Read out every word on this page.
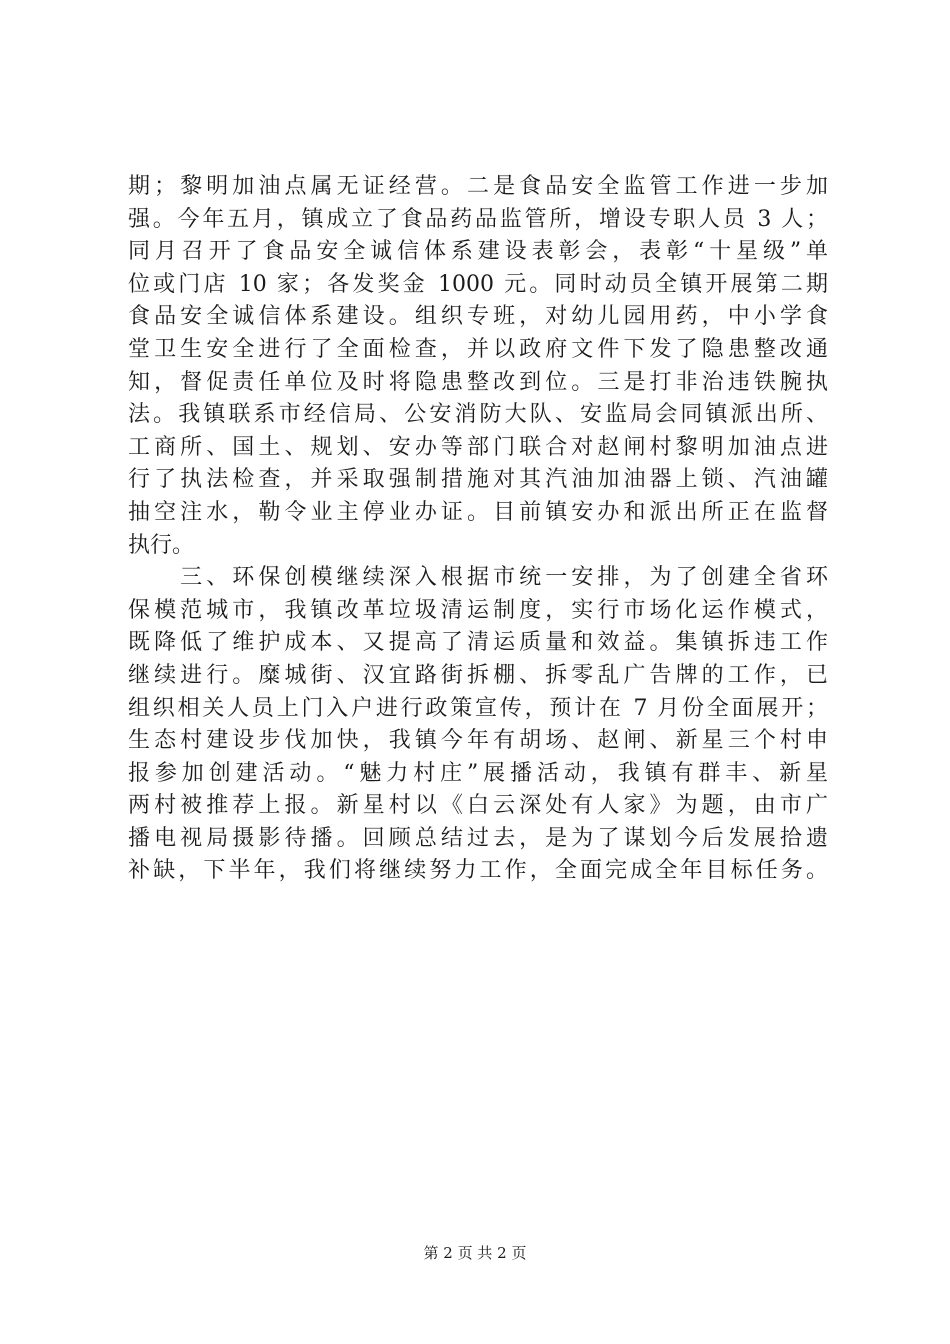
期；黎明加油点属无证经营。二是食品安全监管工作进一步加
强。今年五月，镇成立了食品药品监管所，增设专职人员 3 人；
同月召开了食品安全诚信体系建设表彰会，表彰“十星级”单
位或门店 10 家；各发奖金 1000 元。同时动员全镇开展第二期
食品安全诚信体系建设。组织专班，对幼儿园用药，中小学食
堂卫生安全进行了全面检查，并以政府文件下发了隐患整改通
知，督促责任单位及时将隐患整改到位。三是打非治违铁腕执
法。我镇联系市经信局、公安消防大队、安监局会同镇派出所、
工商所、国土、规划、安办等部门联合对赵闸村黎明加油点进
行了执法检查，并采取强制措施对其汽油加油器上锁、汽油罐
抽空注水，勒令业主停业办证。目前镇安办和派出所正在监督
执行。
　　三、环保创模继续深入根据市统一安排，为了创建全省环
保模范城市，我镇改革垃圾清运制度，实行市场化运作模式，
既降低了维护成本、又提高了清运质量和效益。集镇拆违工作
继续进行。糜城街、汉宜路街拆棚、拆零乱广告牌的工作，已
组织相关人员上门入户进行政策宣传，预计在 7 月份全面展开；
生态村建设步伐加快，我镇今年有胡场、赵闸、新星三个村申
报参加创建活动。“魅力村庄”展播活动，我镇有群丰、新星
两村被推荐上报。新星村以《白云深处有人家》为题，由市广
播电视局摄影待播。回顾总结过去，是为了谋划今后发展拾遗
补缺，下半年，我们将继续努力工作，全面完成全年目标任务。
第 2 页 共 2 页
